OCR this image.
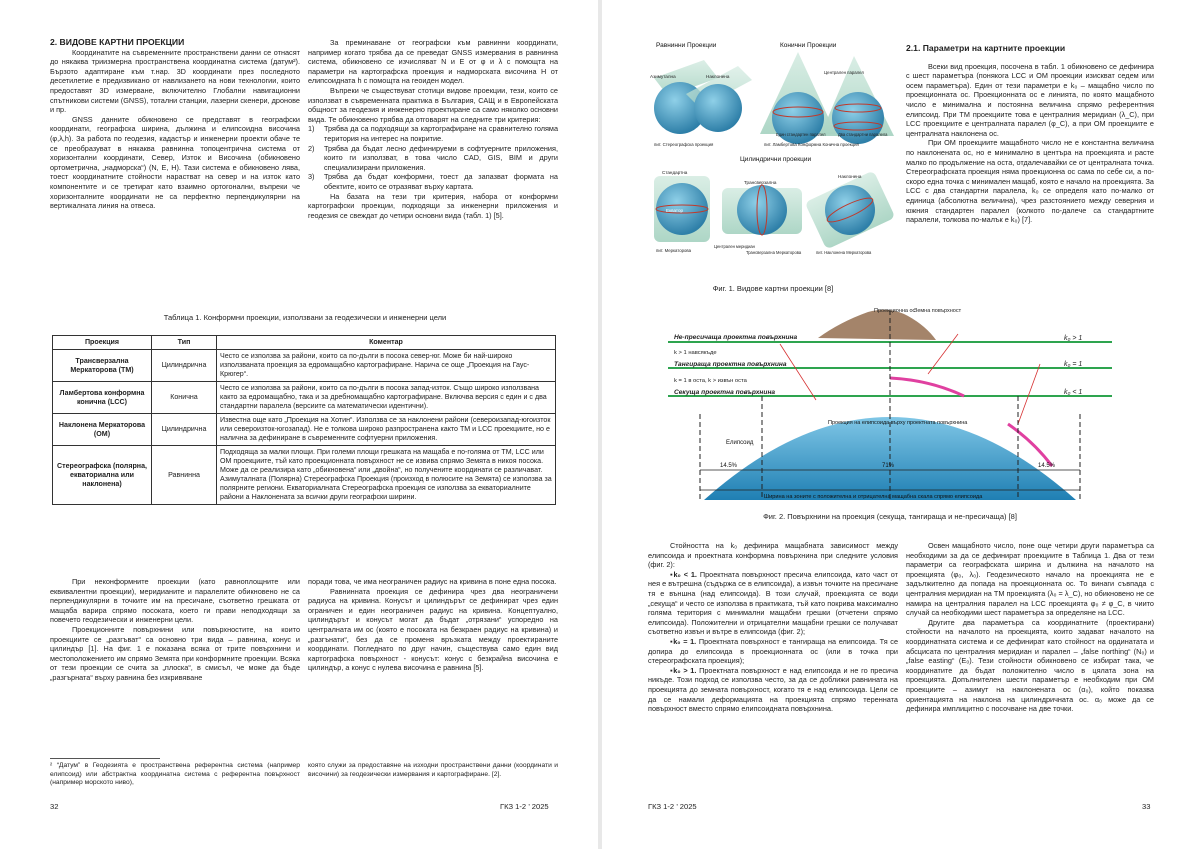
2. ВИДОВЕ КАРТНИ ПРОЕКЦИИ

Координатите на съвременните пространствени данни се отнасят до някаква триизмерна пространствена координатна система (датум²). Бързото адаптиране към т.нар. 3D координати през последното десетилетие е предизвикано от навлизането на нови технологии, които предоставят 3D измерване, включително Глобални навигационни спътникови системи (GNSS), тотални станции, лазерни скенери, дронове и пр.

GNSS данните обикновено се представят в географски координати, географска ширина, дължина и елипсоидна височина (φ,λ,h). За работа по геодезия, кадастър и инженерни проекти обаче те се преобразуват в някаква равнинна топоцентрична система от хоризонтални координати, Север, Изток и Височина (обикновено ортометрична, „надморска“) (N, E, H). Тази система е обикновено лява, тоест координатните стойности нарастват на север и на изток като компонентите и се третират като взаимно ортогонални, въпреки че хоризонталните координати не са перфектно перпендикулярни на вертикалната линия на отвеса.

За преминаване от географски към равнинни координати, например когато трябва да се преведат GNSS измервания в равнинна система, обикновено се изчисляват N и E от φ и λ с помощта на параметри на картографска проекция и надморската височина H от елипсоидната h с помощта на геоиден модел.

Въпреки че съществуват стотици видове проекции, тези, които се използват в съвременната практика в България, САЩ и в Европейската общност за геодезия и инженерно проектиране са само няколко основни вида. Те обикновено трябва да отговарят на следните три критерия:

1)	Трябва да са подходящи за картографиране на сравнително голяма територия на интерес на покритие.
2)	Трябва да бъдат лесно дефинируеми в софтуерните приложения, които ги използват, в това число CAD, GIS, BIM и други специализирани приложения.
3)	Трябва да бъдат конформни, тоест да запазват формата на обектите, които се отразяват върху картата.

На базата на тези три критерия, набора от конформни картографски проекции, подходящи за инженерни приложения и геодезия се свеждат до четири основни вида (табл. 1) [5].

Таблица 1. Конформни проекции, използвани за геодезически и инженерни цели
Проекция	Тип	Коментар
Трансверзална Меркаторова (ТМ)	Цилиндрична	Често се използва за райони, които са по-дълги в посока север-юг. Може би най-широко използваната проекция за едромащабно картографиране. Нарича се още „Проекция на Гаус-Крюгер“.
Ламбертова конформна конична (LCC)	Конична	Често се използва за райони, които са по-дълги в посока запад-изток. Също широко използвана както за едромащабно, така и за дребномащабно картографиране. Включва версия с един и с два стандартни паралела (версиите са математически идентични).
Наклонена Меркаторова (ОМ)	Цилиндрична	Известна още като „Проекция на Хотин“. Използва се за наклонени райони (североизапад-югоизток или североизток-югозапад). Не е толкова широко разпространена както ТМ и LCC проекциите, но е налична за дефиниране в съвременните софтуерни приложения.
Стереографска (полярна, екваториална или наклонена)	Равнинна	Подходяща за малки площи. При големи площи грешката на мащаба е по-голяма от ТМ, LCC или ОМ проекциите, тъй като проекционната повърхност не се извива спрямо Земята в никоя посока. Може да се реализира като „обикновена“ или „двойна“, но получените координати се различават. Азимуталната (Полярна) Стереографска Проекция (произход в полюсите на Земята) се използва за полярните региони. Екваториалната Стереографска проекция се използва за екваториалните райони а Наклонената за всички други географски ширини.

При неконформните проекции (като равноплощните или еквивалентни проекции), меридианите и паралелите обикновено не са перпендикулярни в точките им на пресичане, съответно грешката от мащаба варира спрямо посоката, което ги прави неподходящи за повечето геодезически и инженерни цели.

Проекционните повърхнини или повърхностите, на които проекциите се „разгъват“ са основно три вида – равнина, конус и цилиндър [1]. На фиг. 1 е показана всяка от трите повърхнини и местоположението им спрямо Земята при конформните проекции. Всяка от тези проекции се счита за „плоска“, в смисъл, че може да бъде „разгърната“ върху равнина без изкривяване

поради това, че има неограничен радиус на кривина в поне една посока.

Равнинната проекция се дефинира чрез два неограничени радиуса на кривина. Конусът и цилиндърът се дефинират чрез един ограничен и един неограничен радиус на кривина. Концептуално, цилиндърът и конусът могат да бъдат „отрязани“ успоредно на централната им ос (която е посоката на безкраен радиус на кривина) и „разгънати“, без да се променя връзката между проектираните координати. Погледнато по друг начин, съществува само един вид картографска повърхност - конусът: конус с безкрайна височина е цилиндър, а конус с нулева височина е равнина [5].

² “Датум” в Геодезията е пространствена референтна система (например елипсоид) или абстрактна координатна система с референтна повърхност (например морското ниво),
която служи за предоставяне на изходни пространствени данни (координати и височини) за геодезически измервания и картографиране. [2].
32	ГКЗ 1-2 ’ 2025
Равнинни Проекции	Конични Проекции
Азимутална	Наклонена
пит. Стереографска проекция
Централен паралел
Един стандартен паралел	Два стандартни паралела
пит. Ламбертова Конформна Конична проекция
Цилиндрични проекции
Стандартна
Трансверзална
Наклонена
Екватор
пит. Меркаторова
Централен меридиан
Трансверзална Меркаторова	пит. Наклонена Меркаторова
Фиг. 1. Видове картни проекции [8]

2.1. Параметри на картните проекции

Всеки вид проекция, посочена в табл. 1 обикновено се дефинира с шест параметъра (понякога LCC и OM проекции изискват седем или осем параметъра). Един от тези параметри е k₀ – мащабно число по проекционната ос. Проекционната ос е линията, по която мащабното число е минимална и постоянна величина спрямо референтния елипсоид. При ТМ проекциите това е централния меридиан (λ_C), при LCC проекциите е централната паралел (φ_C), а при ОМ проекциите е централната наклонена ос.

При ОМ проекциите мащабното число не е константна величина по наклонената ос, но е минимално в центъра на проекцията и расте малко по продължение на оста, отдалечавайки се от централната точка. Стереографската проекция няма проекционна ос сама по себе си, а по-скоро една точка с минимален мащаб, която е начало на проекцията. За LCC с два стандартни паралела, k₀ се определя като по-малко от единица (абсолютна величина), чрез разстоянието между северния и южния стандартен паралел (колкото по-далече са стандартните паралели, толкова по-малък е k₀) [7].

Проекционна ос
Земна повърхност
Не-пресичаща проектна повърхнина
k > 1 навсякъде
Тангираща проектна повърхнина
k = 1 в оста, k > извън оста
Секуща проектна повърхнина
k₀ > 1
k₀ = 1
k₀ < 1
Елипсоид
Проекция на елипсоида върху проектната повърхнина
14.5%	71%	14.5%
Ширина на зоните с положителна и отрицателна мащабна скала спрямо елипсоида
Фиг. 2. Повърхнини на проекция (секуща, тангираща и не-пресичаща) [8]

Стойността на k₀ дефинира мащабната зависимост между елипсоида и проектната конформна повърхнина при следните условия (фиг. 2):

▪k₀ < 1. Проектната повърхност пресича елипсоида, като част от нея е вътрешна (съдържа се в елипсоида), а извън точките на пресичане тя е външна (над елипсоида). В този случай, проекцията се води „секуща“ и често се използва в практиката, тъй като покрива максимално голяма територия с минимални мащабни грешки (отчетени спрямо елипсоида). Положителни и отрицателни мащабни грешки се получават съответно извън и вътре в елипсоида (фиг. 2);

▪k₀ = 1. Проектната повърхност е тангираща на елипсоида. Тя се допира до елипсоида в проекционната ос (или в точка при стереографската проекция);

▪k₀ > 1. Проектната повърхност е над елипсоида и не го пресича никъде. Този подход се използва често, за да се доближи равнината на проекцията до земната повърхност, когато тя е над елипсоида. Цели се да се намали деформацията на проекцията спрямо теренната повърхност вместо спрямо елипсоидната повърхнина.

Освен мащабното число, поне още четири други параметъра са необходими за да се дефинират проекциите в Таблица 1. Два от тези параметри са географската ширина и дължина на началото на проекцията (φ₀, λ₀). Геодезическото начало на проекцията не е задължително да попада на проекционната ос. То винаги съвпада с централния меридиан на ТМ проекцията (λ₀ = λ_C), но обикновено не се намира на централния паралел на LCC проекцията φ₀ ≠ φ_C, в чиито случай са необходими шест параметъра за определяне на LCC.

Другите два параметъра са координатните (проектирани) стойности на началото на проекцията, които задават началото на координатната система и се дефинират като стойност на ординатата и абсцисата по централния меридиан и паралел – „false northing“ (N₀) и „false easting“ (E₀). Тези стойности обикновено се избират така, че координатите да бъдат положително число в цялата зона на проекцията. Допълнителен шести параметър е необходим при ОМ проекциите – азимут на наклонената ос (α₀), който показва ориентацията на наклона на цилиндричната ос. α₀ може да се дефинира имплицитно с посочване на две точки.

ГКЗ 1-2 ’ 2025	33
